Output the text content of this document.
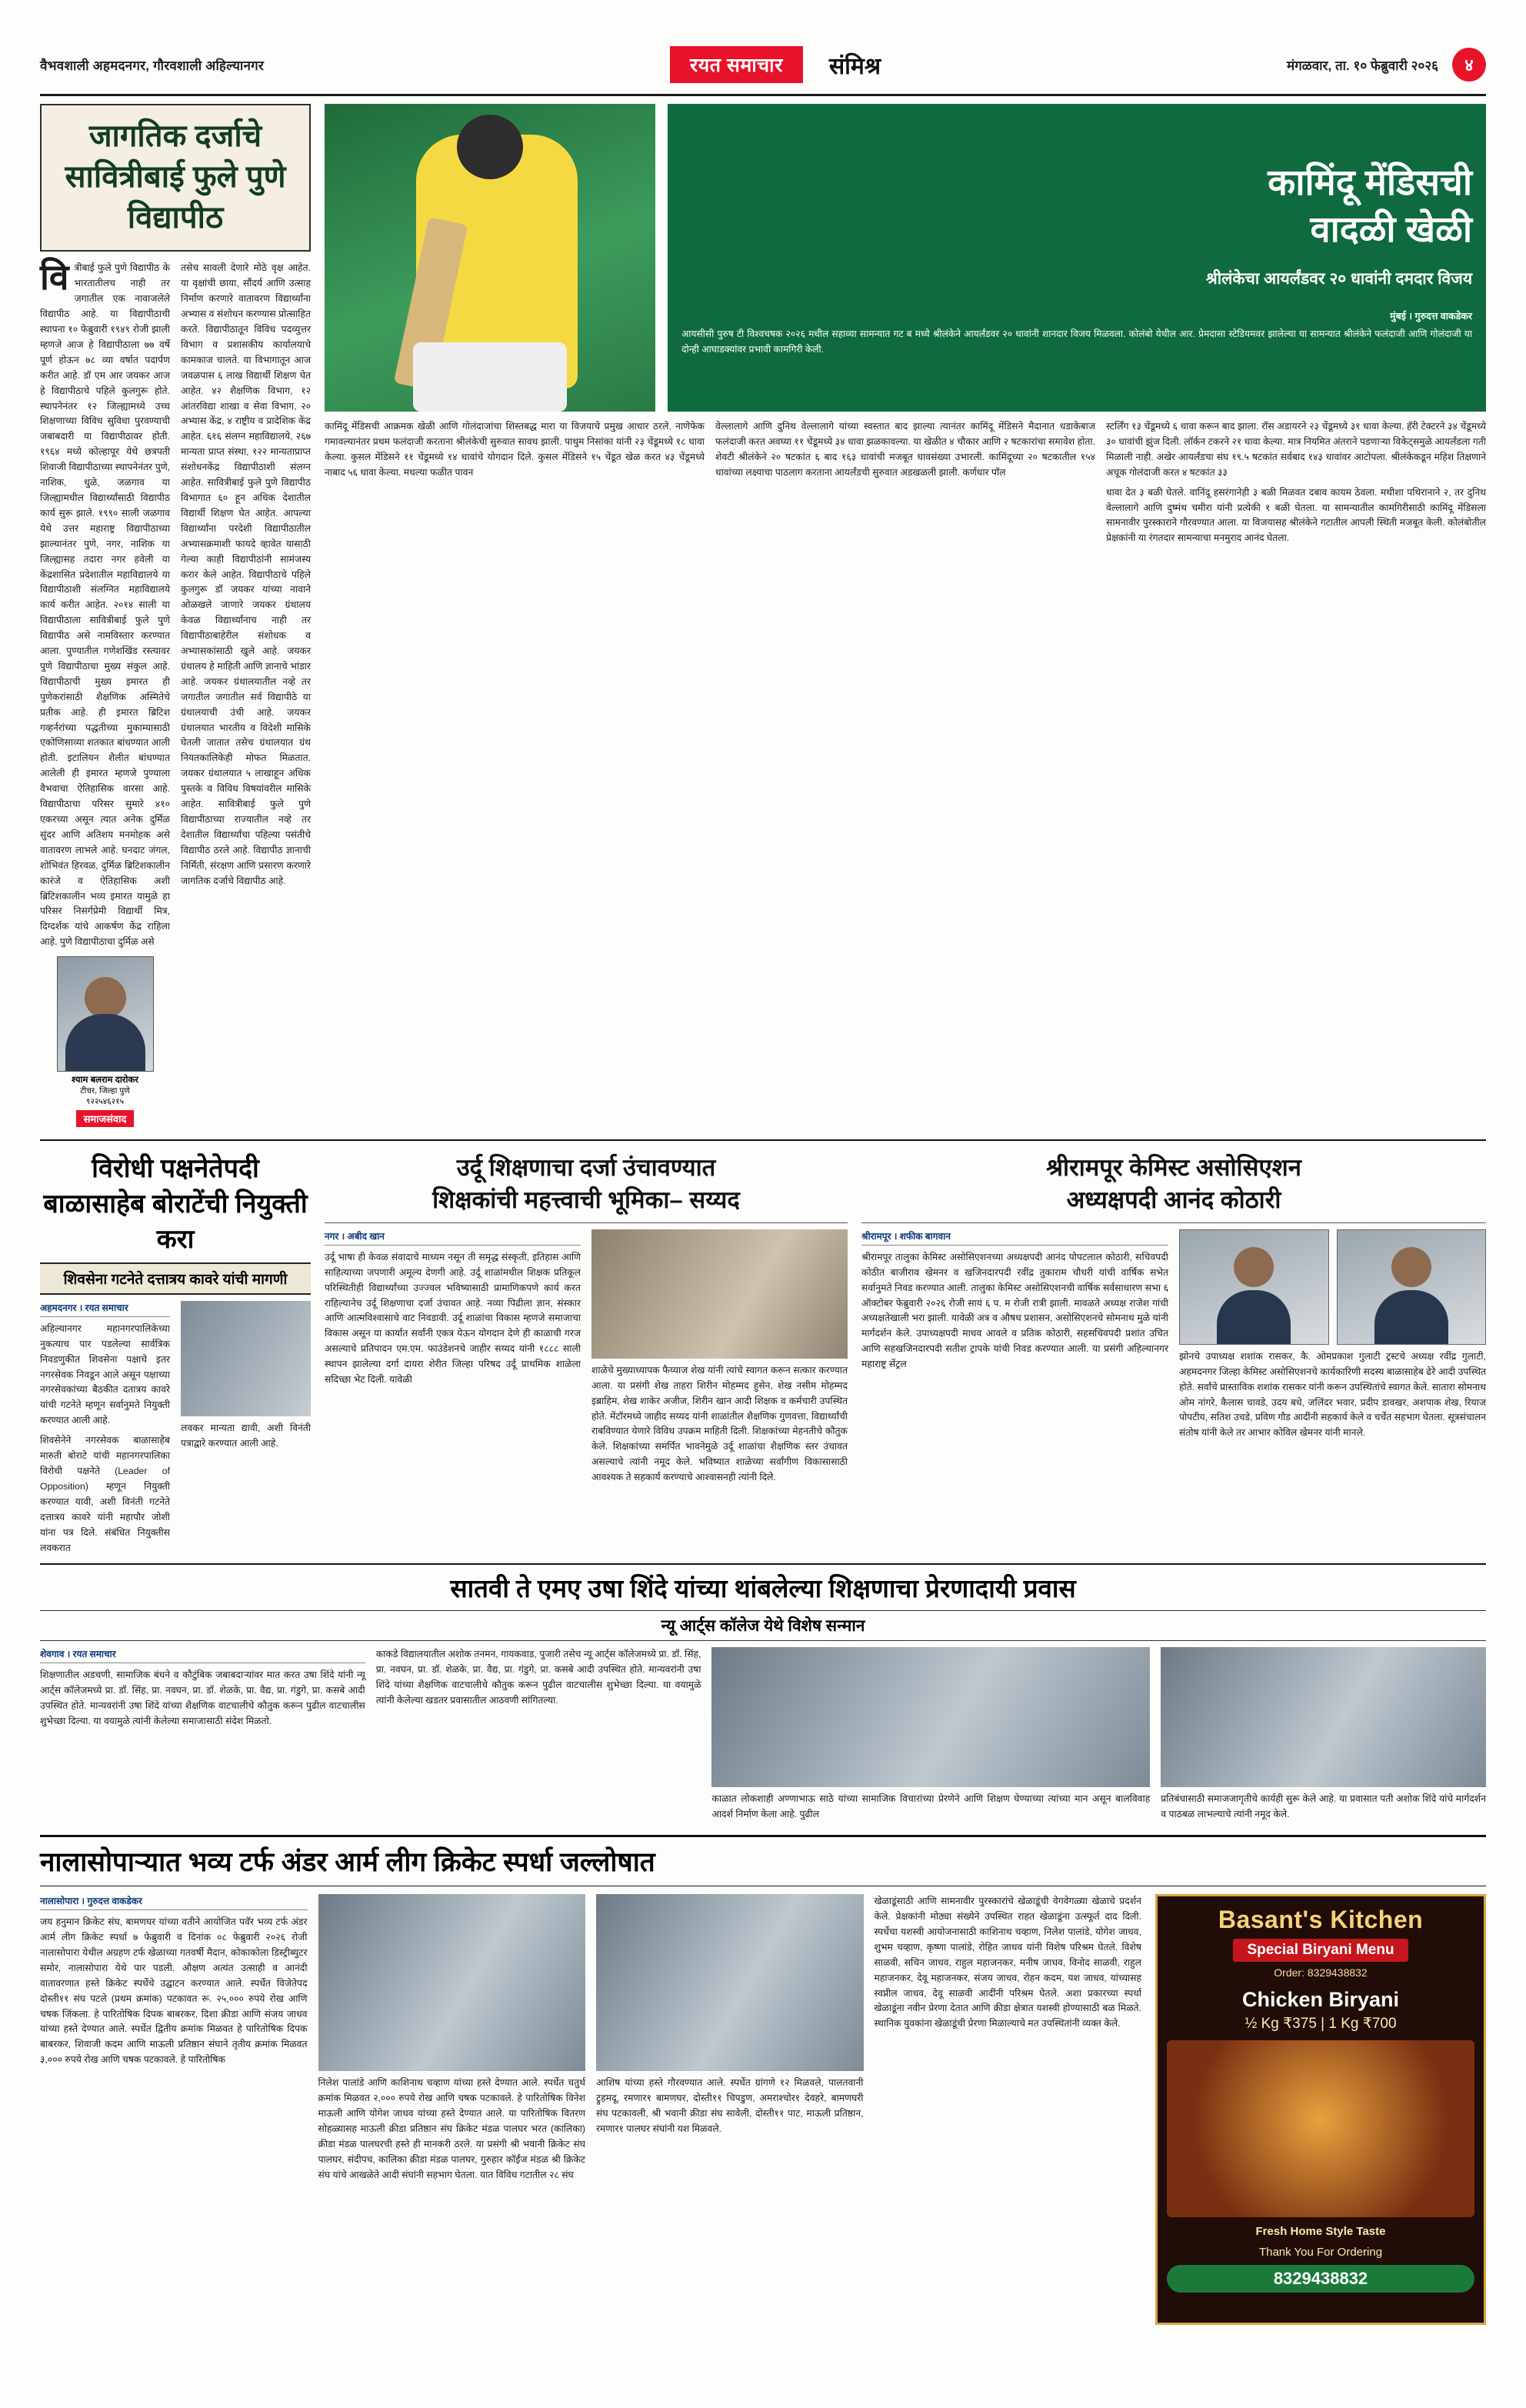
वैभवशाली अहमदनगर, गौरवशाली अहिल्यानगर	रयत समाचार	संमिश्र	मंगळवार, ता. १० फेब्रुवारी २०२६	४
जागतिक दर्जाचे
सावित्रीबाई फुले पुणे विद्यापीठ
वित्रीबाई फुले पुणे विद्यापीठ के भारतातीलच नाही तर जगातील एक नावाजलेले विद्यापीठ आहे. या विद्यापीठाची स्थापना १० फेब्रुवारी १९४९ रोजी झाली म्हणजे आज हे विद्यापीठाला ७७ वर्षे पूर्ण होऊन ७८ व्या वर्षात पदार्पण करीत आहे. डॉ एम आर जयकर आज हे विद्यापीठाचे पहिले कुलगुरू होते. स्थापनेनंतर १२ जिल्ह्यामध्ये उच्च शिक्षणाच्या विविध सुविधा पुरवण्याची जबाबदारी या विद्यापीठावर होती. १९६४ मध्ये कोल्हापूर येथे छत्रपती शिवाजी विद्यापीठाच्या स्थापनेनंतर पुणे, नाशिक, धुळे, जळगाव या जिल्ह्यामधील विद्यार्थ्यांसाठी विद्यापीठ कार्य सुरू झाले. १९९० साली जळगाव येथे उत्तर महाराष्ट्र विद्यापीठाच्या झाल्यानंतर पुणे, नगर, नाशिक या जिल्ह्यासह तदारा नगर हवेली या केंद्रशासित प्रदेशातील महाविद्यालये या विद्यापीठाशी संलग्नित महाविद्यालये कार्य करीत आहेत. २०१४ साली या विद्यापीठाला सावित्रीबाई फुले पुणे विद्यापीठ असे नामविस्तार करण्यात आला. पुण्यातील गणेशखिंड रस्त्यावर पुणे विद्यापीठाचा मुख्य संकुल आहे. विद्यापीठाची मुख्य इमारत ही पुणेकरांसाठी शैक्षणिक अस्मितेचे प्रतीक आहे. ही इमारत ब्रिटिश गव्हर्नरांच्या पद्धतीच्या मुकाम्यासाठी एकोणिसाव्या शतकात बांधण्यात आली होती. इटालियन शैलीत बांधण्यात आलेली ही इमारत म्हणजे पुण्याला वैभवाचा ऐतिहासिक वारसा आहे. विद्यापीठाचा परिसर सुमारे ४१० एकरच्या असून त्यात अनेक दुर्मिळ सुंदर आणि अतिशय मनमोहक असे वातावरण लाभले आहे. घनदाट जंगल, शोभिवंत हिरवळ, दुर्मिळ ब्रिटिशकालीन कारंजे व ऐतिहासिक अशी ब्रिटिशकालीन भव्य इमारत यामुळे हा परिसर निसर्गप्रेमी विद्यार्थी मित्र, दिग्दर्शक यांचे आकर्षण केंद्र राहिला आहे. पुणे विद्यापीठाचा दुर्मिळ असे
श्याम बलराम दारोकर
टीचर, जिल्हा पुणे
९२२५४६२१५
समाजसंवाद
तसेच सावली देणारे मोठे वृक्ष आहेत. या वृक्षांची छाया, सौंदर्य आणि उत्साह निर्माण करणारे वातावरण विद्यार्थ्यांना अभ्यास व संशोधन करण्यास प्रोत्साहित करते. विद्यापीठातून विविध पदव्युत्तर विभाग व प्रशासकीय कार्यालयाचे कामकाज चालते. या विभागातून आज जवळपास ६ लाख विद्यार्थी शिक्षण घेत आहेत. ४२ शैक्षणिक विभाग, १२ आंतरविद्या शाखा व सेवा विभाग, २० अभ्यास केंद्र, ४ राष्ट्रीय व प्रादेशिक केंद्र आहेत. ६१६ संलग्न महाविद्यालये, २६७ मान्यता प्राप्त संस्था, १२२ मान्यताप्राप्त संशोधनकेंद्र विद्यापीठाशी संलग्न आहेत. सावित्रीबाई फुले पुणे विद्यापीठ विभागात ६० हून अधिक देशातील विद्यार्थी शिक्षण घेत आहेत. आपल्या विद्यार्थ्यांना परदेशी विद्यापीठातील अभ्यासक्रमाशी फायदे व्हावेत यासाठी गेल्या काही विद्यापीठांनी सामंजस्य करार केले आहेत. विद्यापीठाचे पहिले कुलगुरू डॉ जयकर यांच्या नावाने ओळखले जाणारे जयकर ग्रंथालय केवळ विद्यार्थ्यांनाच नाही तर विद्यापीठाबाहेरील संशोधक व अभ्यासकांसाठी खुले आहे. जयकर ग्रंथालय हे माहिती आणि ज्ञानाचे भांडार आहे. जयकर ग्रंथालयातील नव्हे तर जगातील जगातील सर्व विद्यापीठे या ग्रंथालयाची उंची आहे. जयकर ग्रंथालयात भारतीय व विदेशी मासिके घेतली जातात तसेच ग्रंथालयात ग्रंथ नियतकालिकेही मोफत मिळतात. जयकर ग्रंथालयात ५ लाखाहून अधिक पुस्तके व विविध विषयांवरील मासिके आहेत. सावित्रीबाई फुले पुणे विद्यापीठाच्या राज्यातील नव्हे तर देशातील विद्यार्थ्यांचा पहिल्या पसंतीचे विद्यापीठ ठरले आहे. विद्यापीठ ज्ञानाची निर्मिती, संरक्षण आणि प्रसारण करणारे जागतिक दर्जाचे विद्यापीठ आहे.
कामिंदू मेंडिसची
वादळी खेळी
श्रीलंकेचा आयर्लंडवर २० धावांनी दमदार विजय
मुंबई । गुरुदत्त वाकडेकर
आयसीसी पुरुष टी विश्वचषक २०२६ मधील सहाव्या सामन्यात गट ब मध्ये श्रीलंकेने आयर्लंडवर २० धावांनी शानदार विजय मिळवला. कोलंबो येथील आर. प्रेमदासा स्टेडियमवर झालेल्या या सामन्यात श्रीलंकेने फलंदाजी आणि गोलंदाजी या दोन्ही आघाडक्यांवर प्रभावी कामगिरी केली.
कामिंदू मेंडिसची आक्रमक खेळी आणि गोलंदाजांचा शिस्तबद्ध मारा या विजयाचे प्रमुख आधार ठरले. नाणेफेक गमावल्यानंतर प्रथम फलंदाजी करताना श्रीलंकेची सुरुवात सावध झाली. पाथुम निसांका यांनी २३ चेंडूमध्ये १८ धावा केल्या. कुसल मेंडिसने ११ चेंडूमध्ये १४ धावांचे योगदान दिले. कुसल मेंडिसने १५ चेंडूत खेळ करत ४३ चेंडूमध्ये नाबाद ५६ धावा केल्या. मधल्या फळीत पावन
वेल्लालागे आणि दुनिथ वेल्लालागे यांच्या स्वस्तात बाद झाल्या त्यानंतर कामिंदू मेंडिसने मैदानात धडाकेबाज फलंदाजी करत अवघ्या ११ चेंडूमध्ये ३४ धावा झळकावल्या. या खेळीत ४ चौकार आणि २ षटकारांचा समावेश होता. शेवटी श्रीलंकेने २० षटकांत ६ बाद १६३ धावांची मजबूत धावसंख्या उभारली. कामिंदूच्या २० षटकातील १५४ धावांच्या लक्ष्याचा पाठलाग करताना आयर्लंडची सुरुवात अडखळली झाली. कर्णधार पॉल
स्टर्लिंग १३ चेंडूमध्ये ६ धावा करून बाद झाला. रॉस अडायरने २३ चेंडूमध्ये ३१ धावा केल्या. हॅरी टेक्टरने ३४ चेंडूमध्ये ३० धावांची झुंज दिली. लॉर्कन टकरने २१ धावा केल्या. मात्र नियमित अंतराने पडणाऱ्या विकेट्समुळे आयर्लंडला गती मिळाली नाही. अखेर आयर्लंडचा संघ १९.५ षटकांत सर्वबाद १४३ धावांवर आटोपला. श्रीलंकेकडून महिश तिक्षणाने अचूक गोलंदाजी करत ४ षटकांत ३३
धावा देत ३ बळी घेतले. वानिंदू हसरंगानेही ३ बळी मिळवत दबाव कायम ठेवला. मथीशा पथिरानाने २, तर दुनिथ वेल्लालागे आणि दुष्मंथ चमीरा यांनी प्रत्येकी १ बळी घेतला. या सामन्यातील कामगिरीसाठी कामिंदू मेंडिसला सामनावीर पुरस्काराने गौरवण्यात आला. या विजयासह श्रीलंकेने गटातील आपली स्थिती मजबूत केली. कोलंबोतील प्रेक्षकांनी या रंगतदार सामन्याचा मनमुराद आनंद घेतला.
विरोधी पक्षनेतेपदी
बाळासाहेब बोराटेंची नियुक्ती करा
शिवसेना गटनेते दत्तात्रय कावरे यांची मागणी
अहमदनगर । रयत समाचार
अहिल्यानगर महानगरपालिकेच्या नुकत्याच पार पडलेल्या सार्वत्रिक निवडणुकीत शिवसेना पक्षाचे इतर नगरसेवक निवडून आले असून पक्षाच्या नगरसेवकांच्या बैठकीत दतात्रय कावरे यांची गटनेते म्हणून सर्वानुमते नियुक्ती करण्यात आली आहे.
शिवसेनेने नगरसेवक बाळासाहेब मारुती बोराटे यांची महानगरपालिका विरोधी पक्षनेते (Leader of Opposition) म्हणून नियुक्ती करण्यात यावी, अशी विनंती गटनेते दत्तात्रय कावरे यांनी महापौर जोशी यांना पत्र दिले. संबंधित नियुक्तीस लवकरात
लवकर मान्यता द्यावी, अशी विनंती पत्राद्वारे करण्यात आली आहे.
उर्दू शिक्षणाचा दर्जा उंचावण्यात
शिक्षकांची महत्त्वाची भूमिका– सय्यद
नगर । अबीद खान
उर्दू भाषा ही केवळ संवादाचे माध्यम नसून ती समृद्ध संस्कृती, इतिहास आणि साहित्याच्या जपणारी अमूल्य देणगी आहे. उर्दू शाळांमधील शिक्षक प्रतिकूल परिस्थितीही विद्यार्थ्यांच्या उज्ज्वल भविष्यासाठी प्रामाणिकपणे कार्य करत राहिल्यानेच उर्दू शिक्षणाचा दर्जा उंचावत आहे. नव्या पिढीला ज्ञान, संस्कार आणि आत्मविश्वासाचे वाट निवडावी. उर्दू शाळांचा विकास म्हणजे समाजाचा विकास असून या कार्यात सर्वांनी एकत्र येऊन योगदान देणे ही काळाची गरज असल्याचे प्रतिपादन एम.एम. फाउंडेशनचे जाहीर सय्यद यांनी १८८८ साली स्थापन झालेल्या दर्गा दायरा शेरीत जिल्हा परिषद उर्दू प्राथमिक शाळेला सदिच्छा भेट दिली. यावेळी
शाळेचे मुख्याध्यापक फैय्याज शेख यांनी त्यांचे स्वागत करून सत्कार करण्यात आला. या प्रसंगी शेख ताहरा शिरीन मोहम्मद हुसेन, शेख नसीम मोहम्मद इब्राहिम, शेख शाकेर अजीज, शिरीन खान आदी शिक्षक व कर्मचारी उपस्थित होते. मेंटॉरमध्ये जाहीद सय्यद यांनी शाळांतील शैक्षणिक गुणवत्ता, विद्यार्थ्यांची राबविण्यात येणारे विविध उपक्रम माहिती दिली. शिक्षकांच्या मेहनतीचे कौतुक केले. शिक्षकांच्या समर्पित भावनेमुळे उर्दू शाळांचा शैक्षणिक स्तर उंचावत असल्याचे त्यांनी नमूद केले. भविष्यात शाळेच्या सर्वांगीण विकासासाठी आवश्यक ते सहकार्य करण्याचे आश्वासनही त्यांनी दिले.
श्रीरामपूर केमिस्ट असोसिएशन
अध्यक्षपदी आनंद कोठारी
श्रीरामपूर । शफीक बागवान
श्रीरामपूर तालुका केमिस्ट असोसिएशनच्या अध्यक्षपदी आनंद पोपटलाल कोठारी, सचिवपदी कोठीत बाजीराव खेमनर व खजिनदारपदी रवींद्र तुकाराम चौधरी यांची वार्षिक सभेत सर्वानुमते निवड करण्यात आली. तालुका केमिस्ट असोसिएशनची वार्षिक सर्वसाधारण सभा ६ ऑक्टोबर फेब्रुवारी २०२६ रोजी सायं ६ प. म रोजी रात्री झाली. मावळते अध्यक्ष राजेश गांधी अध्यक्षतेखाली भरा झाली. यावेळी अत्र व औषध प्रशासन, असोसिएशनचे सोमनाथ मुळे यांनी मार्गदर्शन केले. उपाध्यक्षपदी माधव आवले व प्रतिक कोठारी, सहसचिवपदी प्रशांत उचित आणि सहखजिनदारपदी सतीश ट्रापके यांची निवड करण्यात आली. या प्रसंगी अहिल्यानगर महाराष्ट्र सेंट्रल
झोनचे उपाध्यक्ष शशांक रासकर, कै. ओमप्रकाश गुलाटी ट्रस्टचे अध्यक्ष रवींद्र गुलाटी, अहमदनगर जिल्हा केमिस्ट असोसिएशनचे कार्यकारिणी सदस्य बाळासाहेब ढेरेे आदी उपस्थित होते. सर्वांचे प्रास्ताविक शशांक रासकर यांनी करून उपस्थितांचे स्वागत केले. सातारा सोमनाथ ओम नांगरे, कैलास चावडे, उदय बधे, जलिंदर भवार, प्रदीप डावखर, अशपाक शेख, रियाज पोपटीय, सतिश उचडे, प्रविण गौड आदींनी सहकार्य केले व चर्चेत सहभाग घेतला. सूत्रसंचालन संतोष यांनी केले तर आभार कोविल खेमनर यांनी मानले.
सातवी ते एमए उषा शिंदे यांच्या थांबलेल्या शिक्षणाचा प्रेरणादायी प्रवास
न्यू आर्ट्स कॉलेज येथे विशेष सन्मान
शेवगाव । रयत समाचार
शिक्षणातील अडचणी, सामाजिक बंधने व कौटुंबिक जबाबदाऱ्यांवर मात करत उषा शिंदे यांनी न्यू आर्ट्स कॉलेजमध्ये प्रा. डॉ. सिंह, प्रा. नवघन, प्रा. डॉ. शेळके, प्रा. वैद्य, प्रा. गंडुगे, प्रा. कसबे आदी उपस्थित होते. मान्यवरांनी उषा शिंदे यांच्या शैक्षणिक वाटचालीचे कौतुक करून पुढील वाटचालीस शुभेच्छा दिल्या. या वयामुळे त्यांनी केलेल्या समाजासाठी संदेश मिळतो.
काकडे विद्यालयातील अशोक तनमन, गायकवाड, पुजारी तसेच न्यू आर्ट्स कॉलेजमध्ये प्रा. डॉ. सिंह, प्रा. नवघन, प्रा. डॉ. शेळके, प्रा. वैद्य, प्रा. गंडुगे, प्रा. कसबे आदी उपस्थित होते. मान्यवरांनी उषा शिंदे यांच्या शैक्षणिक वाटचालीचे कौतुक करून पुढील वाटचालीस शुभेच्छा दिल्या. या वयामुळे त्यांनी केलेल्या खडतर प्रवासातील आठवणी सांगितल्या.
काळात लोकशाही अण्णाभाऊ साठे यांच्या सामाजिक विचारांच्या प्रेरणेने आणि शिक्षण घेण्याच्या त्यांच्या मान असून बालविवाह आदर्श निर्माण केला आहे. पुढील
प्रतिबंधासाठी समाजजागृतीचे कार्यही सुरू केले आहे. या प्रवासात पती अशोक शिंदे यांचे मार्गदर्शन व पाठबळ लाभल्याचे त्यांनी नमूद केले.
नालासोपाऱ्यात भव्य टर्फ अंडर आर्म लीग क्रिकेट स्पर्धा जल्लोषात
नालासोपारा । गुरुदत्त वाकडेकर
जय हनुमान क्रिकेट संघ, बामणघर यांच्या वतीने आयोजित पवॅर भव्य टर्फ अंडर आर्म लीग क्रिकेट स्पर्धा ७ फेब्रुवारी व दिनांक ०८ फेब्रुवारी २०२६ रोजी नालासोपारा येथील अग्रहण टर्फ खेळाच्या गतवर्षी मैदान, कोकाकोला डिस्ट्रीब्युटर समोर, नालासोपारा येथे पार पडली. औक्षण अत्यंत उत्साही व आनंदी वातावरणात हस्ते क्रिकेट स्पर्धेचे उद्घाटन करण्यात आले. स्पर्धेत विजेतेपद दोस्ती११ संघ पटले (प्रथम क्रमांक) पटकावत रू. २५,००० रुपये रोख आणि चषक जिंकला. हे पारितोषिक दिपक बाबरकर, दिशा क्रीडा आणि संजय जाधव यांच्या हस्ते देण्यात आले. स्पर्धेत द्वितीय क्रमांक मिळवत हे पारितोषिक दिपक बाबरकर, शिवाजी कदम आणि माऊली प्रतिष्ठान संघाने तृतीय क्रमांक मिळवत ३,००० रुपये रोख आणि चषक पटकावले. हे पारितोषिक
निलेश पालांडे आणि काशिनाथ चव्हाण यांच्या हस्ते देण्यात आले. स्पर्धेत चतुर्थ क्रमांक मिळवत २,००० रुपये रोख आणि चषक पटकावले. हे पारितोषिक विनेश माऊली आणि योगेश जाधव यांच्या हस्ते देण्यात आले. या पारितोषिक वितरण सोहळ्यासह माऊली क्रीडा प्रतिष्ठान संघ क्रिकेट मंडळ पालघर भरत (कालिका) क्रीडा मंडळ पालघरची हस्ते ही मानकरी ठरले. या प्रसंगी श्री भवानी क्रिकेट संघ पालघर, संदीपच, कालिका क्रीडा मंडळ पालघर, गुरुहार कॉईंज मंडळ श्री क्रिकेट संघ यांचे आखळेते आदी संघांनी सहभाग घेतला. यात विविध गटातील २८ संघ
आशिष यांच्या हस्ते गौरवण्यात आले. स्पर्धेत ग्रांगणे १२ मिळवले, पालतवानी ट्रुहमदू, रमणार१ बामणघर, दोस्ती११ चिपडुण, अमराश्चोर१ देवहरे, बामणघरी संघ पटकावली, श्री भवानी क्रीडा संघ सावेली, दोस्ती११ पाट, माऊली प्रतिष्ठान, रमणार१ पालघर संघांनी यश मिळवले.
खेळाडूंसाठी आणि सामनावीर पुरस्कारांचे खेळाडूंची वेगवेगळ्या खेळाचे प्रदर्शन केले. प्रेक्षकांनी मोठ्या संख्येने उपस्थित राहत खेळाडूंना उत्स्फूर्त दाद दिली. स्पर्धेचा यशस्वी आयोजनासाठी काशिनाथ चव्हाण, निलेश पालांडे, योगेश जाधव, शुभम चव्हाण, कृष्णा पालांडे, रोहित जाधव यांनी विशेष परिश्रम घेतले. विशेष साळवी, सचिन जाधव, राहुल महाजनकर, मनीष जाधव, विनोद साळवी, राहुल महाजनकर, देवू महाजनकर, संजय जाधव, रोहन कदम, यश जाधव, यांच्यासह स्वप्नील जाधव, देवू साळवी आदींनी परिश्रम घेतले. अशा प्रकारच्या स्पर्धा खेळाडूंना नवीन प्रेरणा देतात आणि क्रीडा क्षेत्रात यशस्वी होण्यासाठी बळ मिळते. स्थानिक युवकांना खेळाडूंची प्रेरणा मिळाल्याचे मत उपस्थितांनी व्यक्त केले.
Basant's Kitchen
Special Biryani Menu
Order: 8329438832
Chicken Biryani
½ Kg ₹375 | 1 Kg ₹700
Fresh Home Style Taste
Thank You For Ordering
8329438832
